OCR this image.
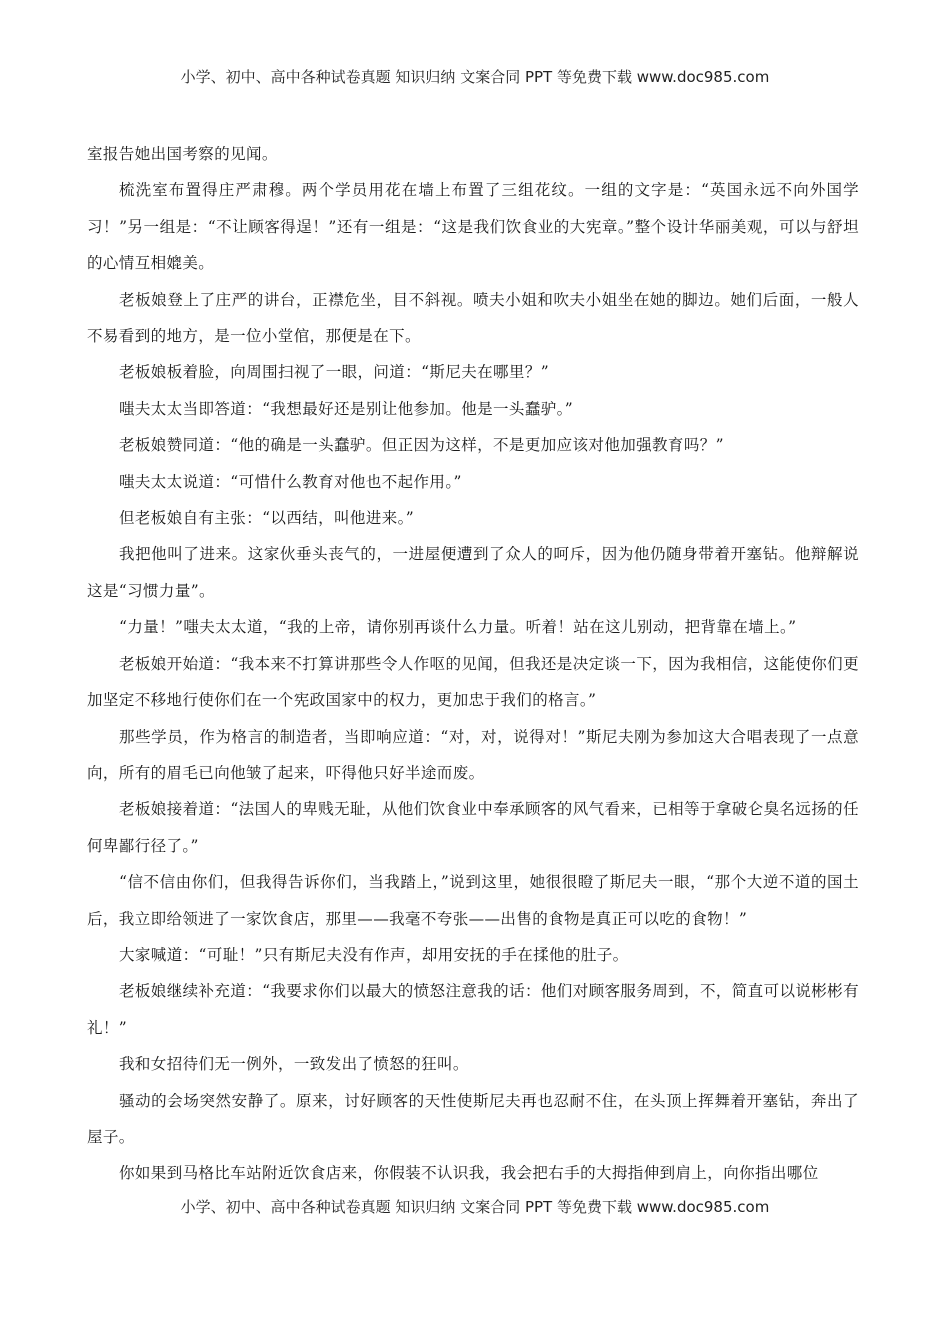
小学、初中、高中各种试卷真题 知识归纳 文案合同 PPT 等免费下载 www.doc985.com

室报告她出国考察的见闻。

梳洗室布置得庄严肃穆。两个学员用花在墙上布置了三组花纹。一组的文字是：“英国永远不向外国学习！”另一组是：“不让顾客得逞！”还有一组是：“这是我们饮食业的大宪章。”整个设计华丽美观，可以与舒坦的心情互相媲美。

老板娘登上了庄严的讲台，正襟危坐，目不斜视。喷夫小姐和吹夫小姐坐在她的脚边。她们后面，一般人不易看到的地方，是一位小堂倌，那便是在下。

老板娘板着脸，向周围扫视了一眼，问道：“斯尼夫在哪里？”

嗤夫太太当即答道：“我想最好还是别让他参加。他是一头蠢驴。”

老板娘赞同道：“他的确是一头蠢驴。但正因为这样，不是更加应该对他加强教育吗？”

嗤夫太太说道：“可惜什么教育对他也不起作用。”

但老板娘自有主张：“以西结，叫他进来。”

我把他叫了进来。这家伙垂头丧气的，一进屋便遭到了众人的呵斥，因为他仍随身带着开塞钻。他辩解说这是“习惯力量”。

“力量！”嗤夫太太道，“我的上帝，请你别再谈什么力量。听着！站在这儿别动，把背靠在墙上。”

老板娘开始道：“我本来不打算讲那些令人作呕的见闻，但我还是决定谈一下，因为我相信，这能使你们更加坚定不移地行使你们在一个宪政国家中的权力，更加忠于我们的格言。”

那些学员，作为格言的制造者，当即响应道：“对，对，说得对！”斯尼夫刚为参加这大合唱表现了一点意向，所有的眉毛已向他皱了起来，吓得他只好半途而废。

老板娘接着道：“法国人的卑贱无耻，从他们饮食业中奉承顾客的风气看来，已相等于拿破仑臭名远扬的任何卑鄙行径了。”

“信不信由你们，但我得告诉你们，当我踏上，”说到这里，她很很瞪了斯尼夫一眼，“那个大逆不道的国土后，我立即给领进了一家饮食店，那里——我毫不夸张——出售的食物是真正可以吃的食物！”

大家喊道：“可耻！”只有斯尼夫没有作声，却用安抚的手在揉他的肚子。

老板娘继续补充道：“我要求你们以最大的愤怒注意我的话：他们对顾客服务周到，不，简直可以说彬彬有礼！”

我和女招待们无一例外，一致发出了愤怒的狂叫。

骚动的会场突然安静了。原来，讨好顾客的天性使斯尼夫再也忍耐不住，在头顶上挥舞着开塞钻，奔出了屋子。

你如果到马格比车站附近饮食店来，你假装不认识我，我会把右手的大拇指伸到肩上，向你指出哪位

小学、初中、高中各种试卷真题 知识归纳 文案合同 PPT 等免费下载 www.doc985.com
